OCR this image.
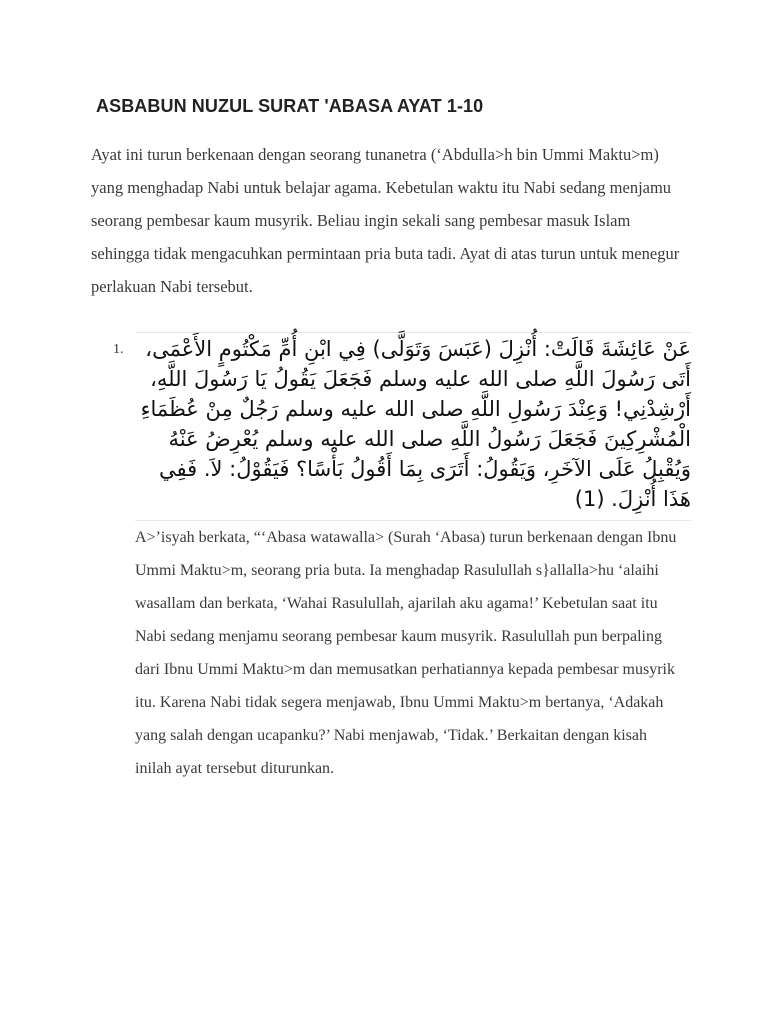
ASBABUN NUZUL SURAT 'ABASA AYAT 1-10

Ayat ini turun berkenaan dengan seorang tunanetra (‘Abdulla>h bin Ummi Maktu>m) yang menghadap Nabi untuk belajar agama. Kebetulan waktu itu Nabi sedang menjamu seorang pembesar kaum musyrik. Beliau ingin sekali sang pembesar masuk Islam sehingga tidak mengacuhkan permintaan pria buta tadi. Ayat di atas turun untuk menegur perlakuan Nabi tersebut.

1.	عَنْ عَائِشَةَ قَالَتْ: أُنْزِلَ (عَبَسَ وَتَوَلَّى) فِي ابْنِ أُمِّ مَكْتُومٍ الأَعْمَى، أَتَى رَسُولَ اللَّهِ صلى الله عليه وسلم فَجَعَلَ يَقُولُ يَا رَسُولَ اللَّهِ، أَرْشِدْنِي! وَعِنْدَ رَسُولِ اللَّهِ صلى الله عليه وسلم رَجُلٌ مِنْ عُظَمَاءِ الْمُشْرِكِينَ فَجَعَلَ رَسُولُ اللَّهِ صلى الله عليه وسلم يُعْرِضُ عَنْهُ وَيُقْبِلُ عَلَى الآخَرِ، وَيَقُولُ: أَتَرَى بِمَا أَقُولُ بَأْسًا؟ فَيَقُوْلُ: لاَ. فَفِي هَذَا أُنْزِلَ. (1)

A>’isyah berkata, “‘Abasa watawalla> (Surah ‘Abasa) turun berkenaan dengan Ibnu Ummi Maktu>m, seorang pria buta. Ia menghadap Rasulullah s}allalla>hu ‘alaihi wasallam dan berkata, ‘Wahai Rasulullah, ajarilah aku agama!’ Kebetulan saat itu Nabi sedang menjamu seorang pembesar kaum musyrik. Rasulullah pun berpaling dari Ibnu Ummi Maktu>m dan memusatkan perhatiannya kepada pembesar musyrik itu. Karena Nabi tidak segera menjawab, Ibnu Ummi Maktu>m bertanya, ‘Adakah yang salah dengan ucapanku?’ Nabi menjawab, ‘Tidak.’ Berkaitan dengan kisah inilah ayat tersebut diturunkan.
